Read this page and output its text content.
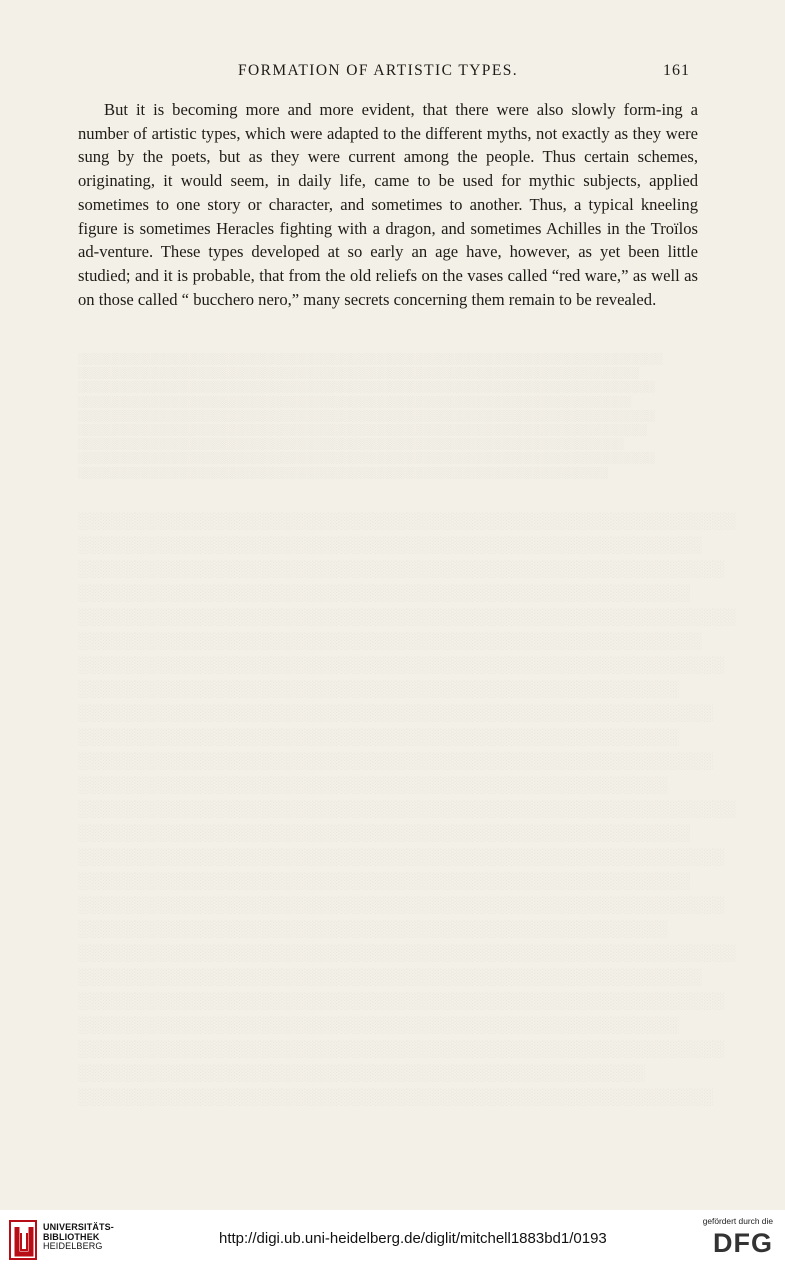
FORMATION OF ARTISTIC TYPES.	161

But it is becoming more and more evident, that there were also slowly form-ing a number of artistic types, which were adapted to the different myths, not exactly as they were sung by the poets, but as they were current among the people. Thus certain schemes, originating, it would seem, in daily life, came to be used for mythic subjects, applied sometimes to one story or character, and sometimes to another. Thus, a typical kneeling figure is sometimes Heracles fighting with a dragon, and sometimes Achilles in the Troïlos ad-venture. These types developed at so early an age have, however, as yet been little studied; and it is probable, that from the old reliefs on the vases called “red ware,” as well as on those called “ bucchero nero,” many secrets concerning them remain to be revealed.

░░░░░░░░░░░░░░░░░░░░░░░░░░░░░░░░░░░░░░░░░░░░░░░░░░░░░░░░░░░░░░░░░░░░░░░░░░░
░░░░░░░░░░░░░░░░░░░░░░░░░░░░░░░░░░░░░░░░░░░░░░░░░░░░░░░░░░░░░░░░░░░░░░░░
░░░░░░░░░░░░░░░░░░░░░░░░░░░░░░░░░░░░░░░░░░░░░░░░░░░░░░░░░░░░░░░░░░░░░░░░░░
░░░░░░░░░░░░░░░░░░░░░░░░░░░░░░░░░░░░░░░░░░░░░░░░░░░░░░░░░░░░░░░░░░░░░░░
░░░░░░░░░░░░░░░░░░░░░░░░░░░░░░░░░░░░░░░░░░░░░░░░░░░░░░░░░░░░░░░░░░░░░░░░░░
░░░░░░░░░░░░░░░░░░░░░░░░░░░░░░░░░░░░░░░░░░░░░░░░░░░░░░░░░░░░░░░░░░░░░░░░░
░░░░░░░░░░░░░░░░░░░░░░░░░░░░░░░░░░░░░░░░░░░░░░░░░░░░░░░░░░░░░░░░░░░░░░
░░░░░░░░░░░░░░░░░░░░░░░░░░░░░░░░░░░░░░░░░░░░░░░░░░░░░░░░░░░░░░░░░░░░░░░░░░
░░░░░░░░░░░░░░░░░░░░░░░░░░░░░░░░░░░░░░░░░░░░░░░░░░░░░░░░░░░░░░░░░░░░
░░░░░░░░░░░░░░░░░░░░░░░░░░░░░░░░░░░░░░░░░░░░░░░░░░░░░░░░░░
░░░░░░░░░░░░░░░░░░░░░░░░░░░░░░░░░░░░░░░░░░░░░░░░░░░░░░░
░░░░░░░░░░░░░░░░░░░░░░░░░░░░░░░░░░░░░░░░░░░░░░░░░░░░░░░░░
░░░░░░░░░░░░░░░░░░░░░░░░░░░░░░░░░░░░░░░░░░░░░░░░░░░░░░
░░░░░░░░░░░░░░░░░░░░░░░░░░░░░░░░░░░░░░░░░░░░░░░░░░░░░░░░░░
░░░░░░░░░░░░░░░░░░░░░░░░░░░░░░░░░░░░░░░░░░░░░░░░░░░░░░░
░░░░░░░░░░░░░░░░░░░░░░░░░░░░░░░░░░░░░░░░░░░░░░░░░░░░░░░░░
░░░░░░░░░░░░░░░░░░░░░░░░░░░░░░░░░░░░░░░░░░░░░░░░░░░░░
░░░░░░░░░░░░░░░░░░░░░░░░░░░░░░░░░░░░░░░░░░░░░░░░░░░░░░░░
░░░░░░░░░░░░░░░░░░░░░░░░░░░░░░░░░░░░░░░░░░░░░░░░░░░░░
░░░░░░░░░░░░░░░░░░░░░░░░░░░░░░░░░░░░░░░░░░░░░░░░░░░░░░░░
░░░░░░░░░░░░░░░░░░░░░░░░░░░░░░░░░░░░░░░░░░░░░░░░░░░░
░░░░░░░░░░░░░░░░░░░░░░░░░░░░░░░░░░░░░░░░░░░░░░░░░░░░░░░░░░
░░░░░░░░░░░░░░░░░░░░░░░░░░░░░░░░░░░░░░░░░░░░░░░░░░░░░░
░░░░░░░░░░░░░░░░░░░░░░░░░░░░░░░░░░░░░░░░░░░░░░░░░░░░░░░░░
░░░░░░░░░░░░░░░░░░░░░░░░░░░░░░░░░░░░░░░░░░░░░░░░░░░░░░
░░░░░░░░░░░░░░░░░░░░░░░░░░░░░░░░░░░░░░░░░░░░░░░░░░░░░░░░░
░░░░░░░░░░░░░░░░░░░░░░░░░░░░░░░░░░░░░░░░░░░░░░░░░░░░
░░░░░░░░░░░░░░░░░░░░░░░░░░░░░░░░░░░░░░░░░░░░░░░░░░░░░░░░░░
░░░░░░░░░░░░░░░░░░░░░░░░░░░░░░░░░░░░░░░░░░░░░░░░░░░░░░░
░░░░░░░░░░░░░░░░░░░░░░░░░░░░░░░░░░░░░░░░░░░░░░░░░░░░░░░░░
░░░░░░░░░░░░░░░░░░░░░░░░░░░░░░░░░░░░░░░░░░░░░░░░░░░░░
░░░░░░░░░░░░░░░░░░░░░░░░░░░░░░░░░░░░░░░░░░░░░░░░░░░░░░░░░
░░░░░░░░░░░░░░░░░░░░░░░░░░░░░░░░░░░░░░░░░░░░░░░░░░
░░░░░░░░░░░░░░░░░░░░░░░░░░░░░░░░░░░░░░░░░░░░░░░░░░░░░░░░
UNIVERSITÄTS-
BIBLIOTHEK
HEIDELBERG	http://digi.ub.uni-heidelberg.de/diglit/mitchell1883bd1/0193
gefördert durch die
DFG
